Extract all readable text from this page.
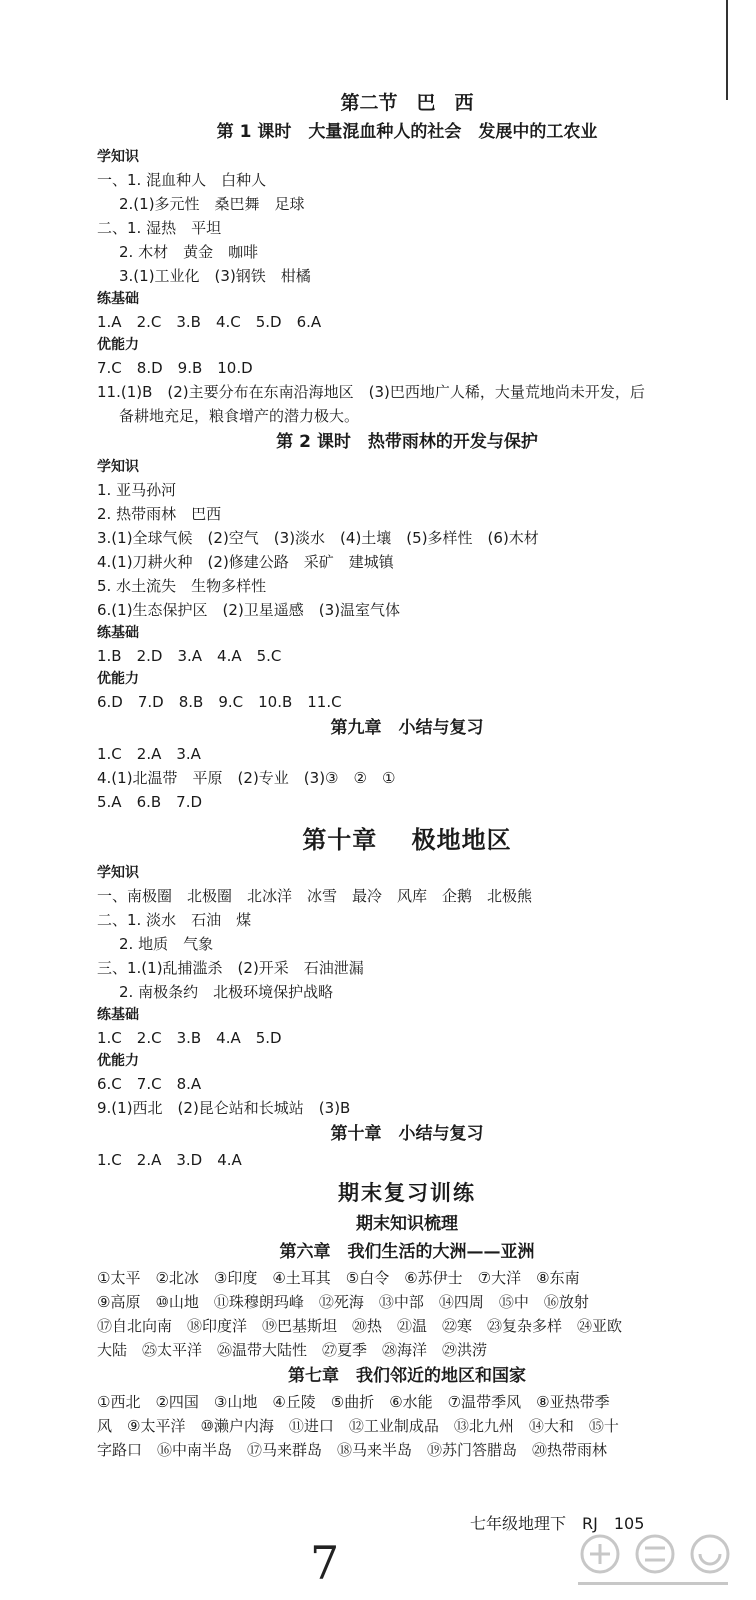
第二节　巴　西

第 1 课时　大量混血种人的社会　发展中的工农业

学知识

一、1. 混血种人　白种人

2.(1)多元性　桑巴舞　足球

二、1. 湿热　平坦

2. 木材　黄金　咖啡

3.(1)工业化　(3)钢铁　柑橘

练基础

1.A　2.C　3.B　4.C　5.D　6.A

优能力

7.C　8.D　9.B　10.D

11.(1)B　(2)主要分布在东南沿海地区　(3)巴西地广人稀，大量荒地尚未开发，后

备耕地充足，粮食增产的潜力极大。

第 2 课时　热带雨林的开发与保护

学知识

1. 亚马孙河

2. 热带雨林　巴西

3.(1)全球气候　(2)空气　(3)淡水　(4)土壤　(5)多样性　(6)木材

4.(1)刀耕火种　(2)修建公路　采矿　建城镇

5. 水土流失　生物多样性

6.(1)生态保护区　(2)卫星遥感　(3)温室气体

练基础

1.B　2.D　3.A　4.A　5.C

优能力

6.D　7.D　8.B　9.C　10.B　11.C

第九章　小结与复习

1.C　2.A　3.A

4.(1)北温带　平原　(2)专业　(3)③　②　①

5.A　6.B　7.D

第十章　 极地地区

学知识

一、南极圈　北极圈　北冰洋　冰雪　最冷　风库　企鹅　北极熊

二、1. 淡水　石油　煤

2. 地质　气象

三、1.(1)乱捕滥杀　(2)开采　石油泄漏

2. 南极条约　北极环境保护战略

练基础

1.C　2.C　3.B　4.A　5.D

优能力

6.C　7.C　8.A

9.(1)西北　(2)昆仑站和长城站　(3)B

第十章　小结与复习

1.C　2.A　3.D　4.A

期末复习训练

期末知识梳理

第六章　我们生活的大洲——亚洲

①太平　②北冰　③印度　④土耳其　⑤白令　⑥苏伊士　⑦大洋　⑧东南

⑨高原　⑩山地　⑪珠穆朗玛峰　⑫死海　⑬中部　⑭四周　⑮中　⑯放射

⑰自北向南　⑱印度洋　⑲巴基斯坦　⑳热　㉑温　㉒寒　㉓复杂多样　㉔亚欧

大陆　㉕太平洋　㉖温带大陆性　㉗夏季　㉘海洋　㉙洪涝

第七章　我们邻近的地区和国家

①西北　②四国　③山地　④丘陵　⑤曲折　⑥水能　⑦温带季风　⑧亚热带季

风　⑨太平洋　⑩濑户内海　⑪进口　⑫工业制成品　⑬北九州　⑭大和　⑮十

字路口　⑯中南半岛　⑰马来群岛　⑱马来半岛　⑲苏门答腊岛　⑳热带雨林

七年级地理下　RJ　105
7
